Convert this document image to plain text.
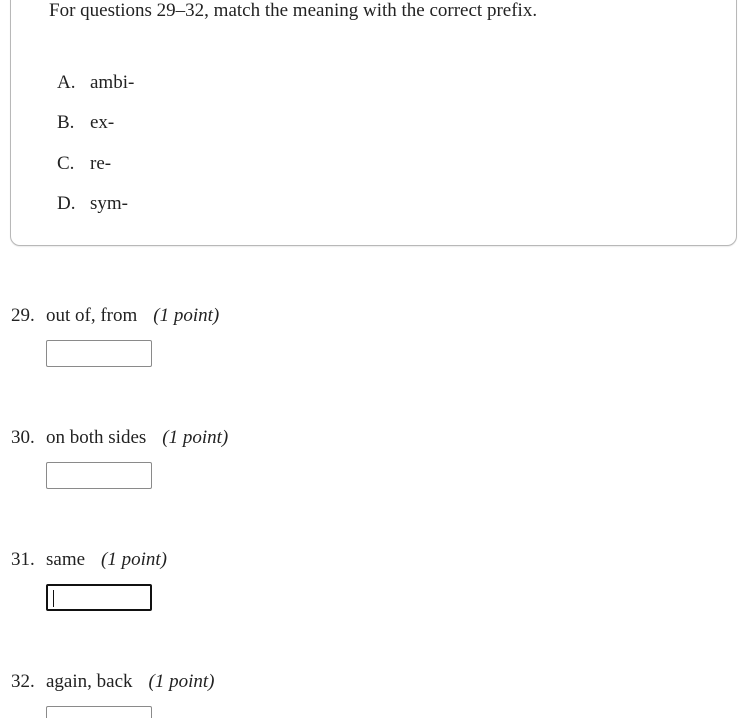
For questions 29–32, match the meaning with the correct prefix.
A. ambi-
B. ex-
C. re-
D. sym-
29. out of, from (1 point)
30. on both sides (1 point)
31. same (1 point)
32. again, back (1 point)
